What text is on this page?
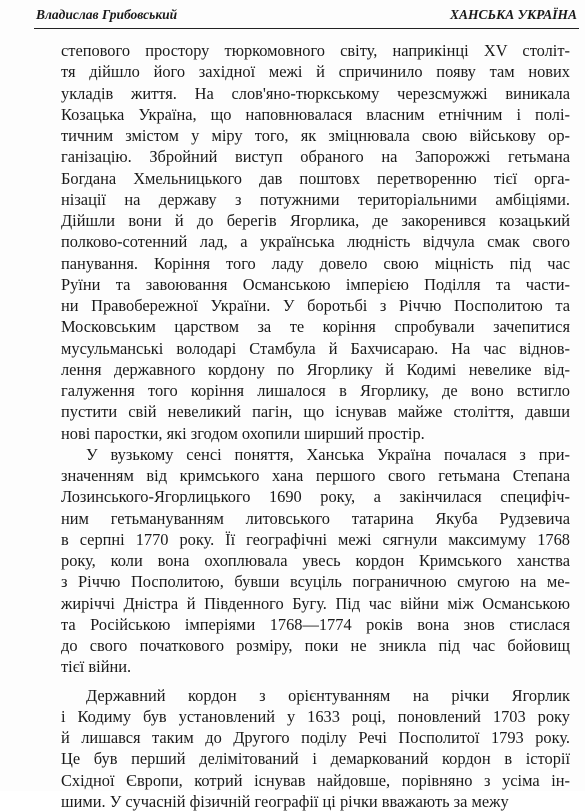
Владислав Грибовський	ХАНСЬКА УКРАЇНА
степового простору тюркомовного світу, наприкінці XV століт-
тя дійшло його західної межі й спричинило появу там нових
укладів життя. На слов'яно-тюркському черезсмужжі виникала
Козацька Україна, що наповнювалася власним етнічним і полі-
тичним змістом у міру того, як зміцнювала свою військову ор-
ганізацію. Збройний виступ обраного на Запорожжі гетьмана
Богдана Хмельницького дав поштовх перетворенню тієї орга-
нізації на державу з потужними територіальними амбіціями.
Дійшли вони й до берегів Ягорлика, де закоренився козацький
полково-сотенний лад, а українська людність відчула смак свого
панування. Коріння того ладу довело свою міцність під час
Руїни та завоювання Османською імперією Поділля та части-
ни Правобережної України. У боротьбі з Річчю Посполитою та
Московським царством за те коріння спробували зачепитися
мусульманські володарі Стамбула й Бахчисараю. На час віднов-
лення державного кордону по Ягорлику й Кодимі невелике від-
галуження того коріння лишалося в Ягорлику, де воно встигло
пустити свій невеликий пагін, що існував майже століття, давши
нові паростки, які згодом охопили ширший простір.
У вузькому сенсі поняття, Ханська Україна почалася з при-
значенням від кримського хана першого свого гетьмана Степана
Лозинського-Ягорлицького 1690 року, а закінчилася специфіч-
ним гетьмануванням литовського татарина Якуба Рудзевича
в серпні 1770 року. Її географічні межі сягнули максимуму 1768
року, коли вона охоплювала увесь кордон Кримського ханства
з Річчю Посполитою, бувши всуціль пограничною смугою на ме-
жиріччі Дністра й Південного Бугу. Під час війни між Османською
та Російською імперіями 1768—1774 років вона знов стислася
до свого початкового розміру, поки не зникла під час бойовищ
тієї війни.
Державний кордон з орієнтуванням на річки Ягорлик
і Кодиму був установлений у 1633 році, поновлений 1703 року
й лишався таким до Другого поділу Речі Посполитої 1793 року.
Це був перший делімітований і демаркований кордон в історії
Східної Європи, котрий існував найдовше, порівняно з усіма ін-
шими. У сучасній фізичній географії ці річки вважають за межу
